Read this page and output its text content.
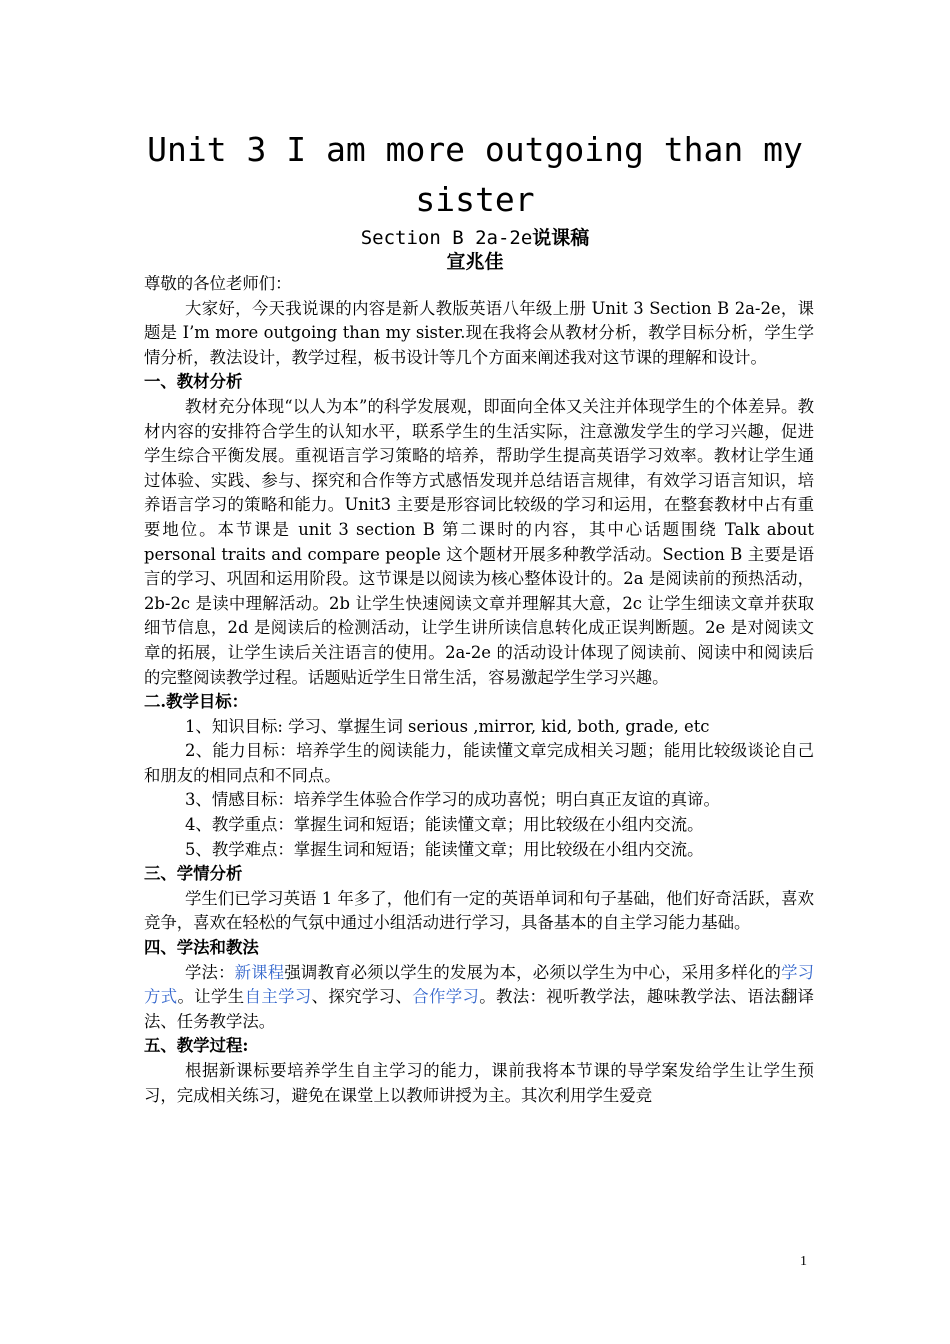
Unit 3 I am more outgoing than my
sister
Section B 2a-2e说课稿
宣兆佳

尊敬的各位老师们：

大家好，今天我说课的内容是新人教版英语八年级上册 Unit 3 Section B 2a-2e，课题是 I’m more outgoing than my sister.现在我将会从教材分析，教学目标分析，学生学情分析，教法设计，教学过程，板书设计等几个方面来阐述我对这节课的理解和设计。

一、教材分析

教材充分体现“以人为本”的科学发展观，即面向全体又关注并体现学生的个体差异。教材内容的安排符合学生的认知水平，联系学生的生活实际，注意激发学生的学习兴趣，促进学生综合平衡发展。重视语言学习策略的培养，帮助学生提高英语学习效率。教材让学生通过体验、实践、参与、探究和合作等方式感悟发现并总结语言规律，有效学习语言知识，培养语言学习的策略和能力。Unit3 主要是形容词比较级的学习和运用，在整套教材中占有重要地位。本节课是 unit 3 section B 第二课时的内容，其中心话题围绕 Talk about personal traits and compare people 这个题材开展多种教学活动。Section B 主要是语言的学习、巩固和运用阶段。这节课是以阅读为核心整体设计的。2a 是阅读前的预热活动，2b-2c 是读中理解活动。2b 让学生快速阅读文章并理解其大意，2c 让学生细读文章并获取细节信息，2d 是阅读后的检测活动，让学生讲所读信息转化成正误判断题。2e 是对阅读文章的拓展，让学生读后关注语言的使用。2a-2e 的活动设计体现了阅读前、阅读中和阅读后的完整阅读教学过程。话题贴近学生日常生活，容易激起学生学习兴趣。

二.教学目标：

1、知识目标: 学习、掌握生词 serious ,mirror, kid, both, grade, etc

2、能力目标：培养学生的阅读能力，能读懂文章完成相关习题；能用比较级谈论自己和朋友的相同点和不同点。

3、情感目标：培养学生体验合作学习的成功喜悦；明白真正友谊的真谛。

4、教学重点：掌握生词和短语；能读懂文章；用比较级在小组内交流。

5、教学难点：掌握生词和短语；能读懂文章；用比较级在小组内交流。

三、学情分析

学生们已学习英语 1 年多了，他们有一定的英语单词和句子基础，他们好奇活跃，喜欢竞争，喜欢在轻松的气氛中通过小组活动进行学习，具备基本的自主学习能力基础。

四、学法和教法

学法：新课程强调教育必须以学生的发展为本，必须以学生为中心，采用多样化的学习方式。让学生自主学习、探究学习、合作学习。教法：视听教学法，趣味教学法、语法翻译法、任务教学法。

五、教学过程:

根据新课标要培养学生自主学习的能力，课前我将本节课的导学案发给学生让学生预习，完成相关练习，避免在课堂上以教师讲授为主。其次利用学生爱竞

1
